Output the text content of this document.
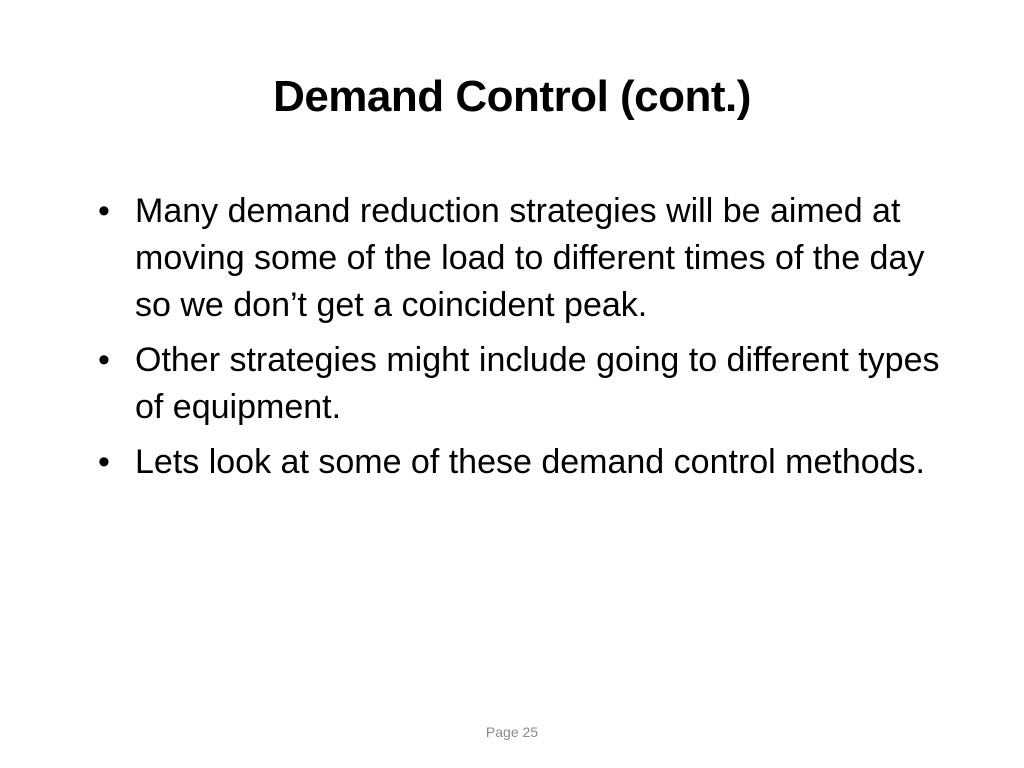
Demand Control (cont.)
• Many demand reduction strategies will be aimed at moving some of the load to different times of the day so we don’t get a coincident peak.
• Other strategies might include going to different types of equipment.
• Lets look at some of these demand control methods.
Page 25
